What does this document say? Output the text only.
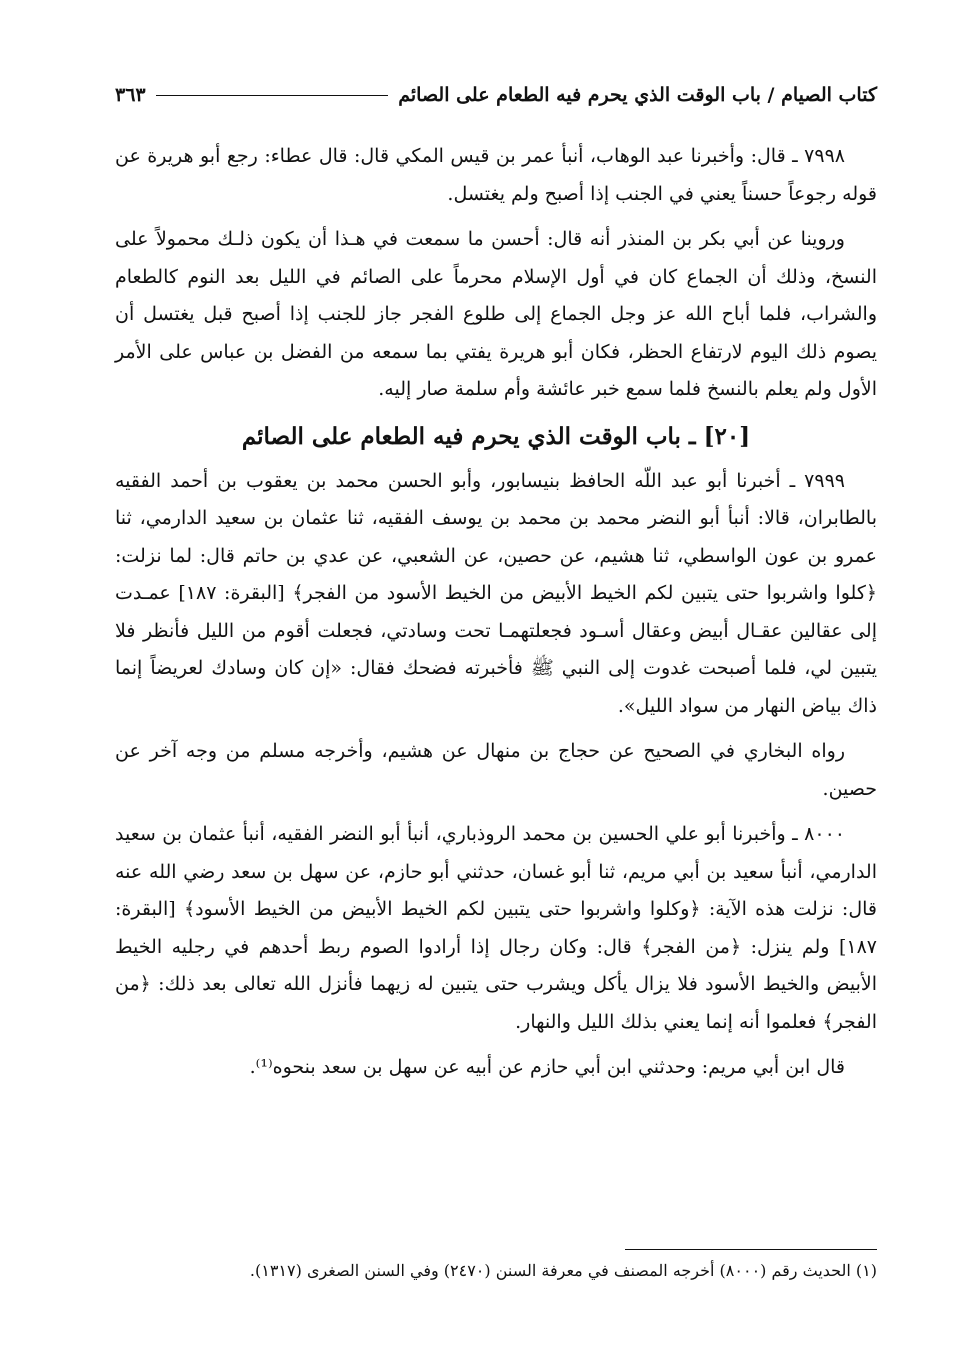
كتاب الصيام / باب الوقت الذي يحرم فيه الطعام على الصائم
٣٦٣

٧٩٩٨ ـ قال: وأخبرنا عبد الوهاب، أنبأ عمر بن قيس المكي قال: قال عطاء: رجع أبو هريرة عن قوله رجوعاً حسناً يعني في الجنب إذا أصبح ولم يغتسل.

وروينا عن أبي بكر بن المنذر أنه قال: أحسن ما سمعت في هـذا أن يكون ذلـك محمولاً على النسخ، وذلك أن الجماع كان في أول الإسلام محرماً على الصائم في الليل بعد النوم كالطعام والشراب، فلما أباح الله عز وجل الجماع إلى طلوع الفجر جاز للجنب إذا أصبح قبل يغتسل أن يصوم ذلك اليوم لارتفاع الحظر، فكان أبو هريرة يفتي بما سمعه من الفضل بن عباس على الأمر الأول ولم يعلم بالنسخ فلما سمع خبر عائشة وأم سلمة صار إليه.

[٢٠] ـ باب الوقت الذي يحرم فيه الطعام على الصائم

٧٩٩٩ ـ أخبرنا أبو عبد اللّه الحافظ بنيسابور، وأبو الحسن محمد بن يعقوب بن أحمد الفقيه بالطابران، قالا: أنبأ أبو النضر محمد بن محمد بن يوسف الفقيه، ثنا عثمان بن سعيد الدارمي، ثنا عمرو بن عون الواسطي، ثنا هشيم، عن حصين، عن الشعبي، عن عدي بن حاتم قال: لما نزلت: ﴿كلوا واشربوا حتى يتبين لكم الخيط الأبيض من الخيط الأسود من الفجر﴾ [البقرة: ١٨٧] عمـدت إلى عقالين عقـال أبيض وعقال أسـود فجعلتهمـا تحت وسادتي، فجعلت أقوم من الليل فأنظر فلا يتبين لي، فلما أصبحت غدوت إلى النبي ﷺ فأخبرته فضحك فقال: «إن كان وسادك لعريضاً إنما ذاك بياض النهار من سواد الليل».

رواه البخاري في الصحيح عن حجاج بن منهال عن هشيم، وأخرجه مسلم من وجه آخر عن حصين.

٨٠٠٠ ـ وأخبرنا أبو علي الحسين بن محمد الروذباري، أنبأ أبو النضر الفقيه، أنبأ عثمان بن سعيد الدارمي، أنبأ سعيد بن أبي مريم، ثنا أبو غسان، حدثني أبو حازم، عن سهل بن سعد رضي الله عنه قال: نزلت هذه الآية: ﴿وكلوا واشربوا حتى يتبين لكم الخيط الأبيض من الخيط الأسود﴾ [البقرة: ١٨٧] ولم ينزل: ﴿من الفجر﴾ قال: وكان رجال إذا أرادوا الصوم ربط أحدهم في رجليه الخيط الأبيض والخيط الأسود فلا يزال يأكل ويشرب حتى يتبين له زيهما فأنزل الله تعالى بعد ذلك: ﴿من الفجر﴾ فعلموا أنه إنما يعني بذلك الليل والنهار.

قال ابن أبي مريم: وحدثني ابن أبي حازم عن أبيه عن سهل بن سعد بنحوه⁽¹⁾.

(١) الحديث رقم (٨٠٠٠) أخرجه المصنف في معرفة السنن (٢٤٧٠) وفي السنن الصغرى (١٣١٧).
